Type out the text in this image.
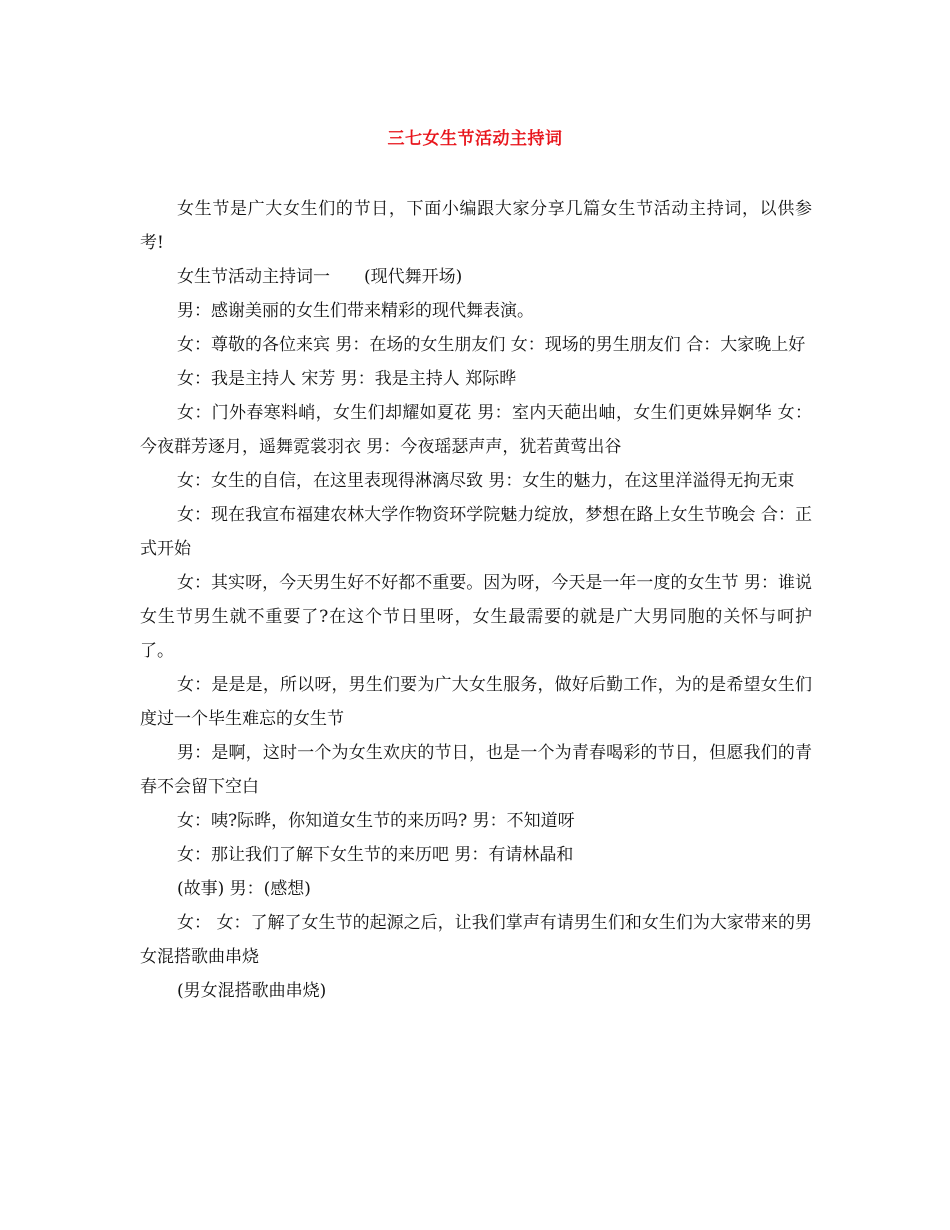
三七女生节活动主持词

女生节是广大女生们的节日，下面小编跟大家分享几篇女生节活动主持词，以供参考!

女生节活动主持词一　　(现代舞开场)

男：感谢美丽的女生们带来精彩的现代舞表演。

女：尊敬的各位来宾 男：在场的女生朋友们 女：现场的男生朋友们 合：大家晚上好

女：我是主持人 宋芳 男：我是主持人 郑际晔

女：门外春寒料峭，女生们却耀如夏花 男：室内天葩出岫，女生们更姝异婀华 女：今夜群芳逐月，遥舞霓裳羽衣 男：今夜瑶瑟声声，犹若黄莺出谷

女：女生的自信，在这里表现得淋漓尽致 男：女生的魅力，在这里洋溢得无拘无束

女：现在我宣布福建农林大学作物资环学院魅力绽放，梦想在路上女生节晚会 合：正式开始

女：其实呀，今天男生好不好都不重要。因为呀，今天是一年一度的女生节 男：谁说女生节男生就不重要了?在这个节日里呀，女生最需要的就是广大男同胞的关怀与呵护了。

女：是是是，所以呀，男生们要为广大女生服务，做好后勤工作，为的是希望女生们度过一个毕生难忘的女生节

男：是啊，这时一个为女生欢庆的节日，也是一个为青春喝彩的节日，但愿我们的青春不会留下空白

女：咦?际晔，你知道女生节的来历吗? 男：不知道呀

女：那让我们了解下女生节的来历吧 男：有请林晶和

(故事) 男：(感想)

女： 女：了解了女生节的起源之后，让我们掌声有请男生们和女生们为大家带来的男女混搭歌曲串烧

(男女混搭歌曲串烧)
